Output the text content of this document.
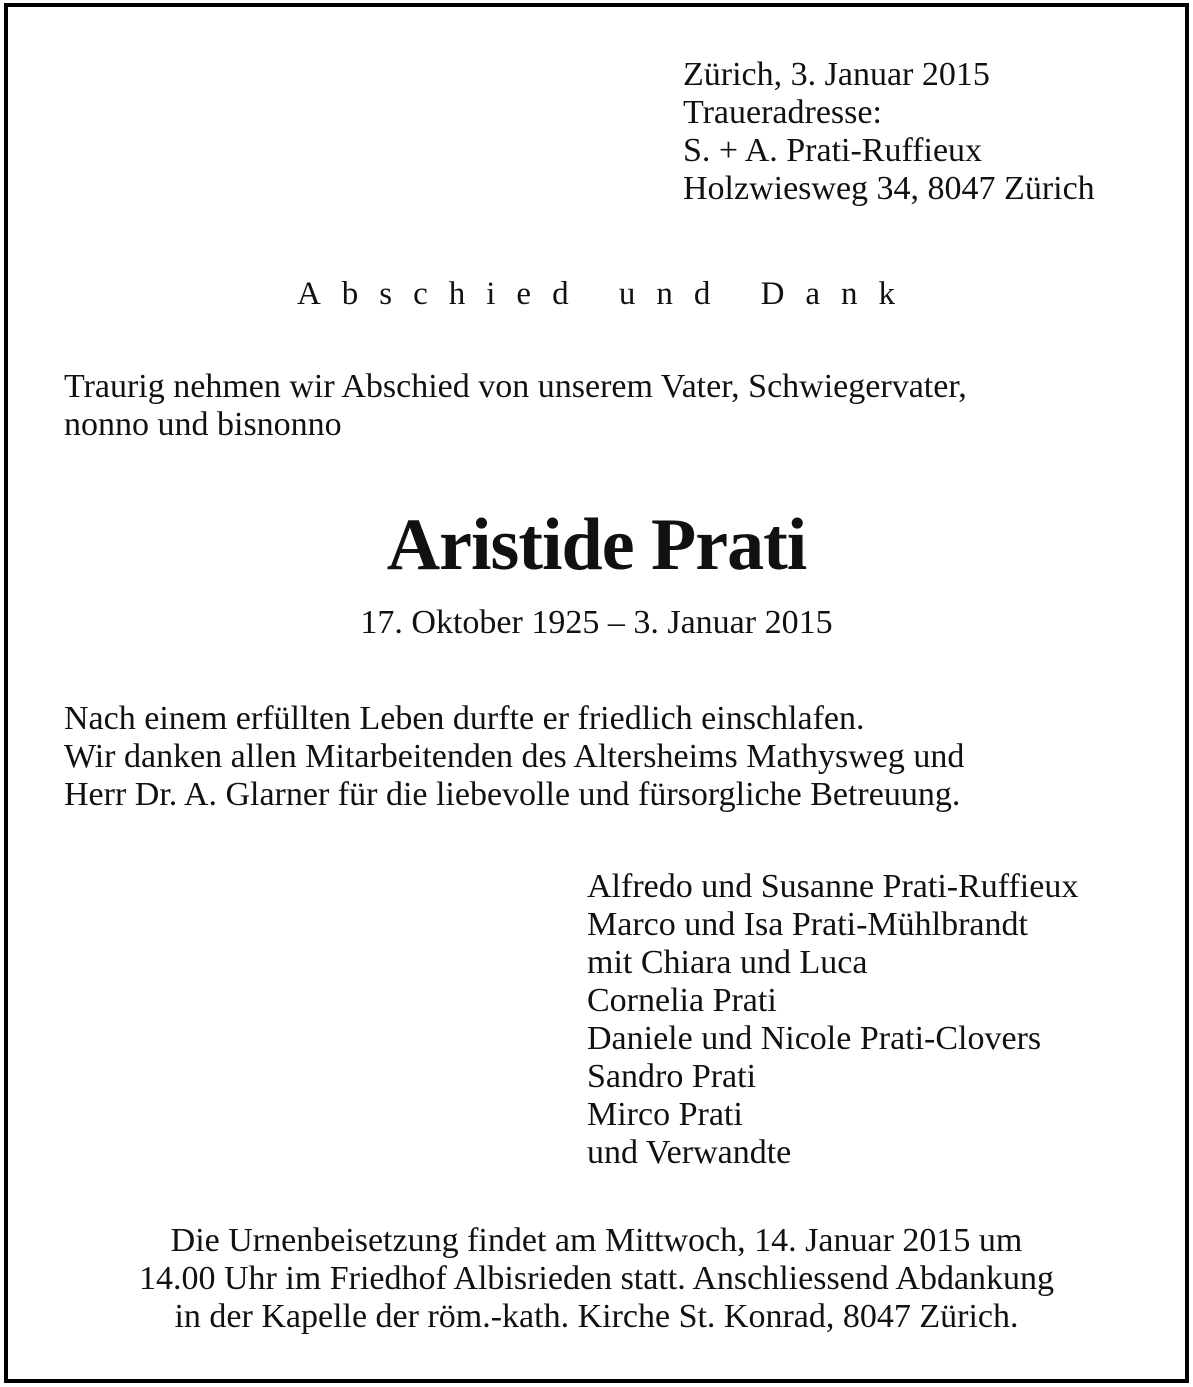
Zürich, 3. Januar 2015
Traueradresse:
S. + A. Prati-Ruffieux
Holzwiesweg 34, 8047 Zürich
Abschied und Dank
Traurig nehmen wir Abschied von unserem Vater, Schwiegervater,
nonno und bisnonno
Aristide Prati
17. Oktober 1925 – 3. Januar 2015
Nach einem erfüllten Leben durfte er friedlich einschlafen.
Wir danken allen Mitarbeitenden des Altersheims Mathysweg und
Herr Dr. A. Glarner für die liebevolle und fürsorgliche Betreuung.
Alfredo und Susanne Prati-Ruffieux
Marco und Isa Prati-Mühlbrandt
mit Chiara und Luca
Cornelia Prati
Daniele und Nicole Prati-Clovers
Sandro Prati
Mirco Prati
und Verwandte
Die Urnenbeisetzung findet am Mittwoch, 14. Januar 2015 um
14.00 Uhr im Friedhof Albisrieden statt. Anschliessend Abdankung
in der Kapelle der röm.-kath. Kirche St. Konrad, 8047 Zürich.
